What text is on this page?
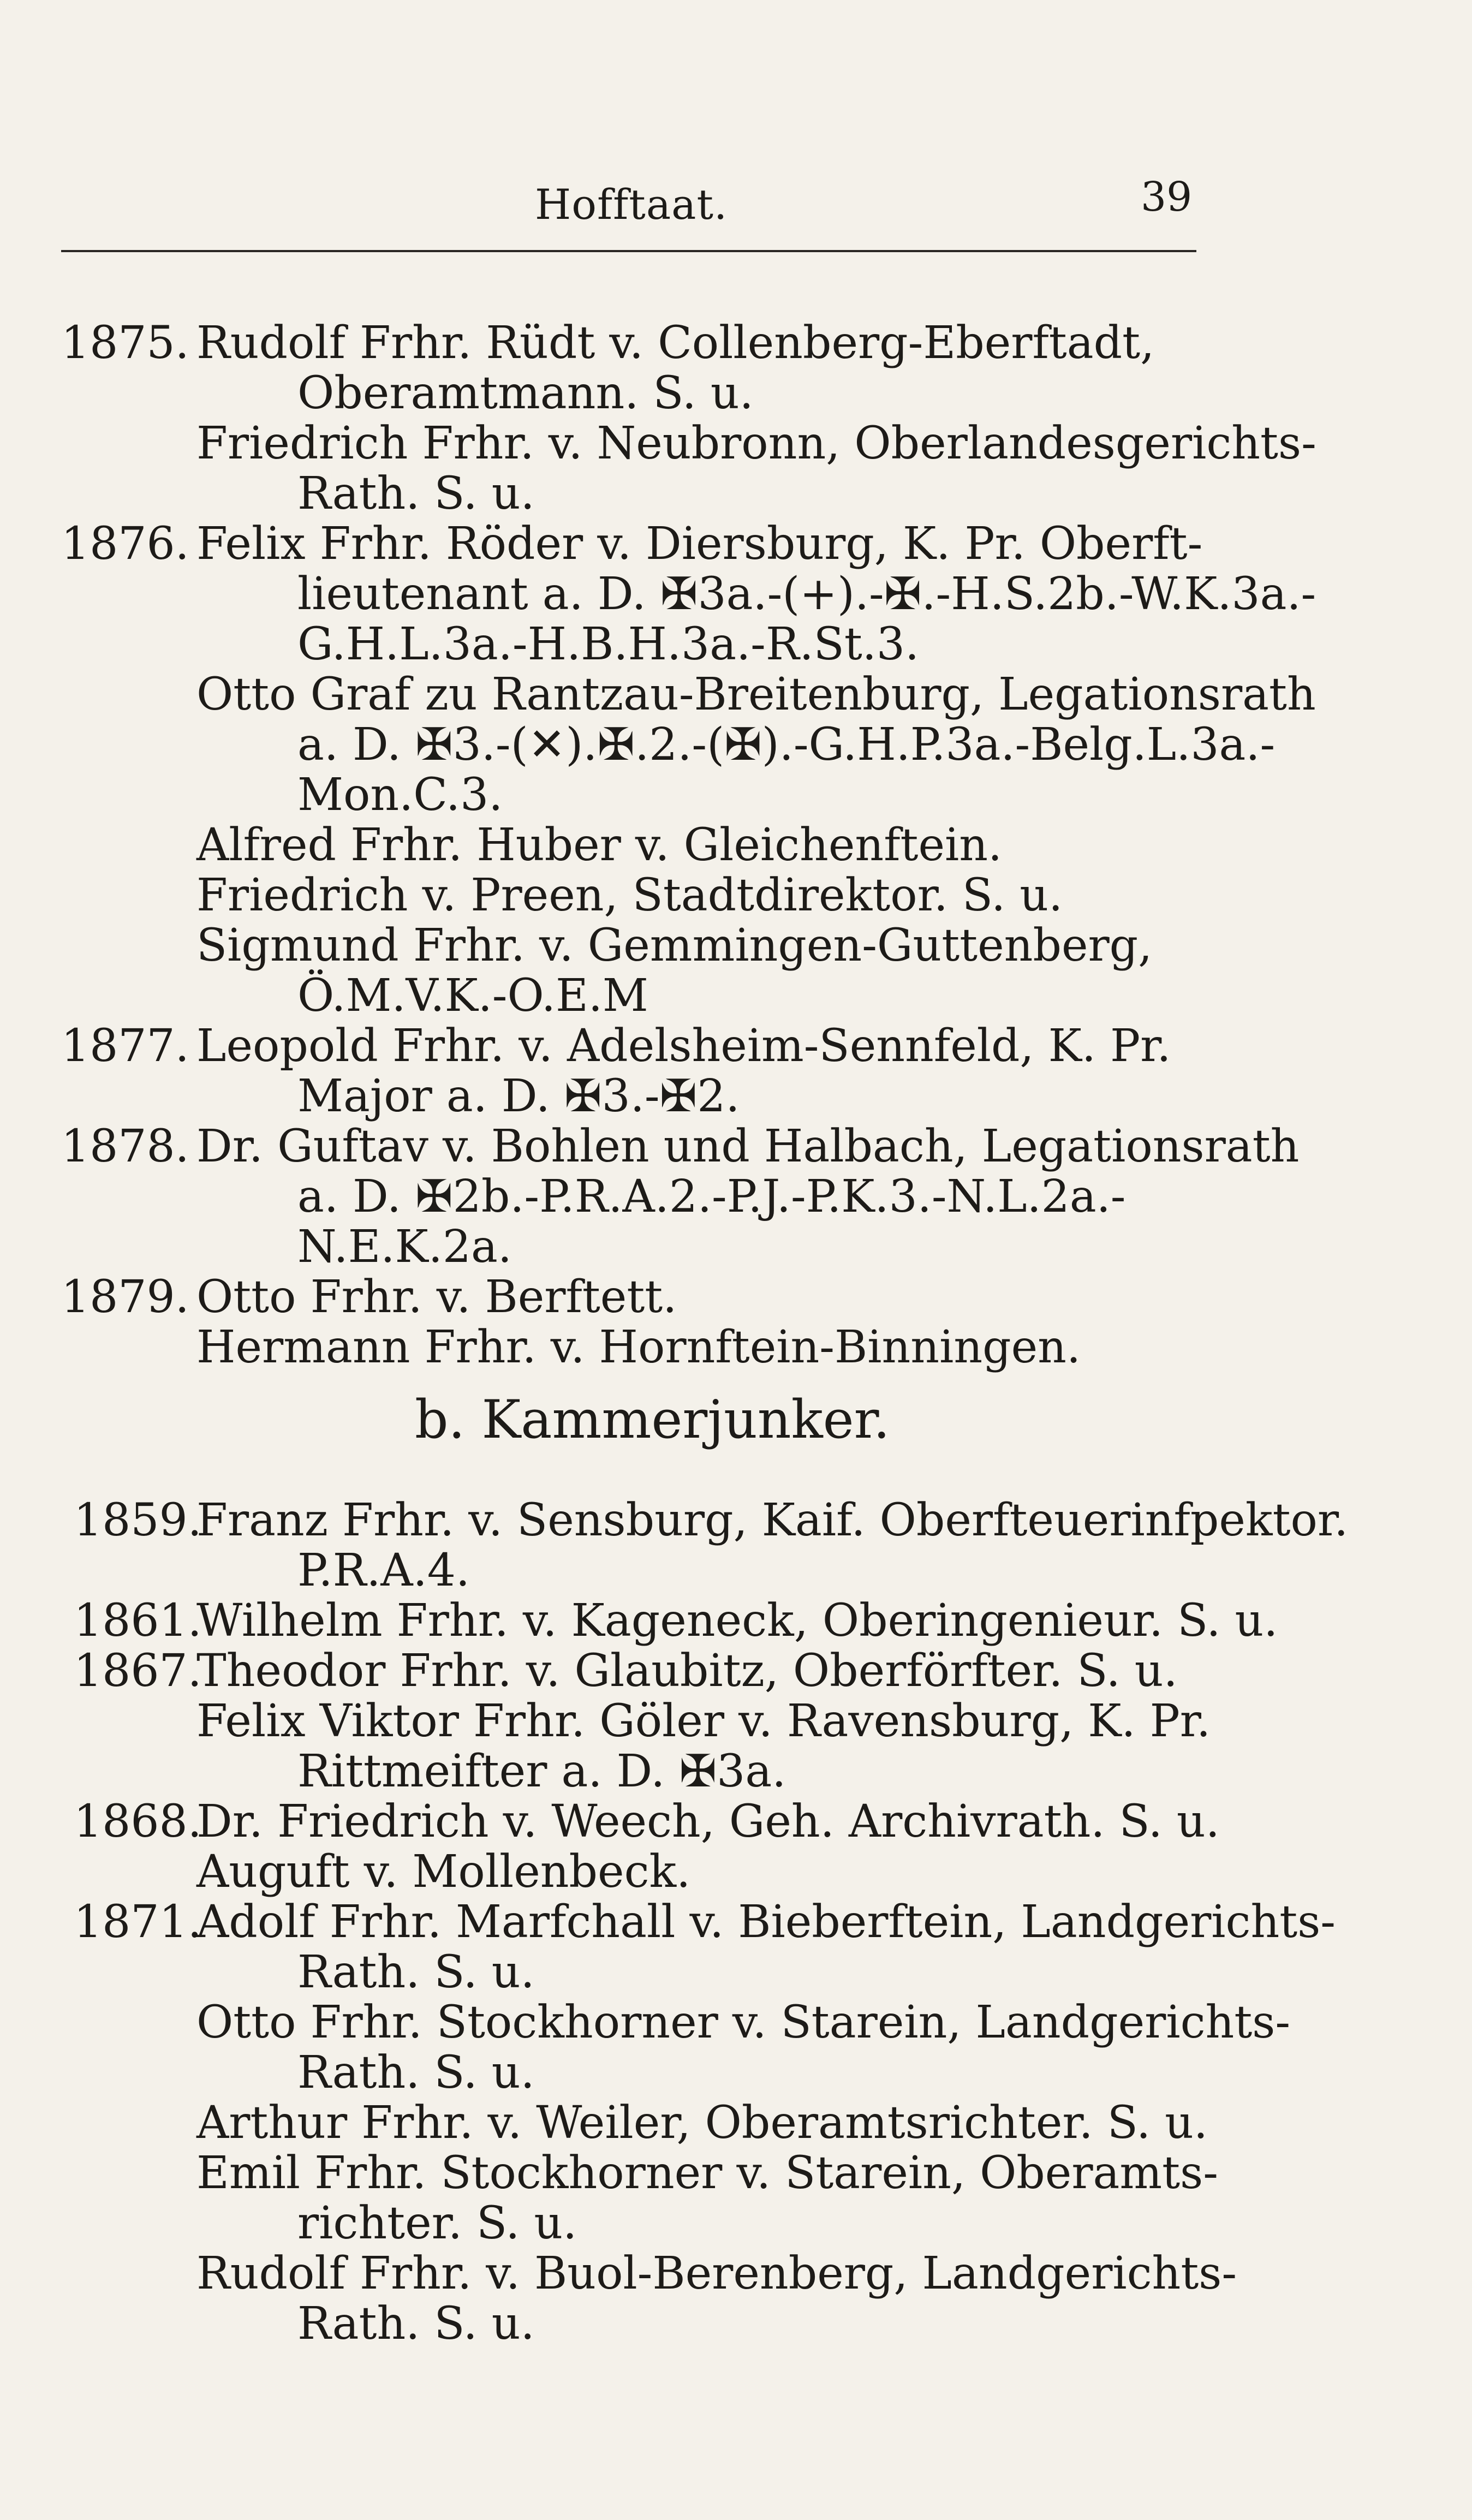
Hofftaat.	39
1875. Rudolf Frhr. Rüdt v. Collenberg-Eberftadt,
Oberamtmann. S. u.
Friedrich Frhr. v. Neubronn, Oberlandesgerichts-
Rath. S. u.
1876. Felix Frhr. Röder v. Diersburg, K. Pr. Oberft-
lieutenant a. D. ✠3a.-(+).-✠.-H.S.2b.-W.K.3a.-
G.H.L.3a.-H.B.H.3a.-R.St.3.
Otto Graf zu Rantzau-Breitenburg, Legationsrath
a. D. ✠3.-(✕).✠.2.-(✠).-G.H.P.3a.-Belg.L.3a.-
Mon.C.3.
Alfred Frhr. Huber v. Gleichenftein.
Friedrich v. Preen, Stadtdirektor. S. u.
Sigmund Frhr. v. Gemmingen-Guttenberg,
Ö.M.V.K.-O.E.M
1877. Leopold Frhr. v. Adelsheim-Sennfeld, K. Pr.
Major a. D. ✠3.-✠2.
1878. Dr. Guftav v. Bohlen und Halbach, Legationsrath
a. D. ✠2b.-P.R.A.2.-P.J.-P.K.3.-N.L.2a.-
N.E.K.2a.
1879. Otto Frhr. v. Berftett.
Hermann Frhr. v. Hornftein-Binningen.
b. Kammerjunker.
1859.
Franz Frhr. v. Sensburg, Kaif. Oberfteuerinfpektor.
P.R.A.4.
1861.
Wilhelm Frhr. v. Kageneck, Oberingenieur. S. u.
1867.
Theodor Frhr. v. Glaubitz, Oberförfter. S. u.
Felix Viktor Frhr. Göler v. Ravensburg, K. Pr.
Rittmeifter a. D. ✠3a.
1868.
Dr. Friedrich v. Weech, Geh. Archivrath. S. u.
Auguft v. Mollenbeck.
1871.
Adolf Frhr. Marfchall v. Bieberftein, Landgerichts-
Rath. S. u.
Otto Frhr. Stockhorner v. Starein, Landgerichts-
Rath. S. u.
Arthur Frhr. v. Weiler, Oberamtsrichter. S. u.
Emil Frhr. Stockhorner v. Starein, Oberamts-
richter. S. u.
Rudolf Frhr. v. Buol-Berenberg, Landgerichts-
Rath. S. u.
